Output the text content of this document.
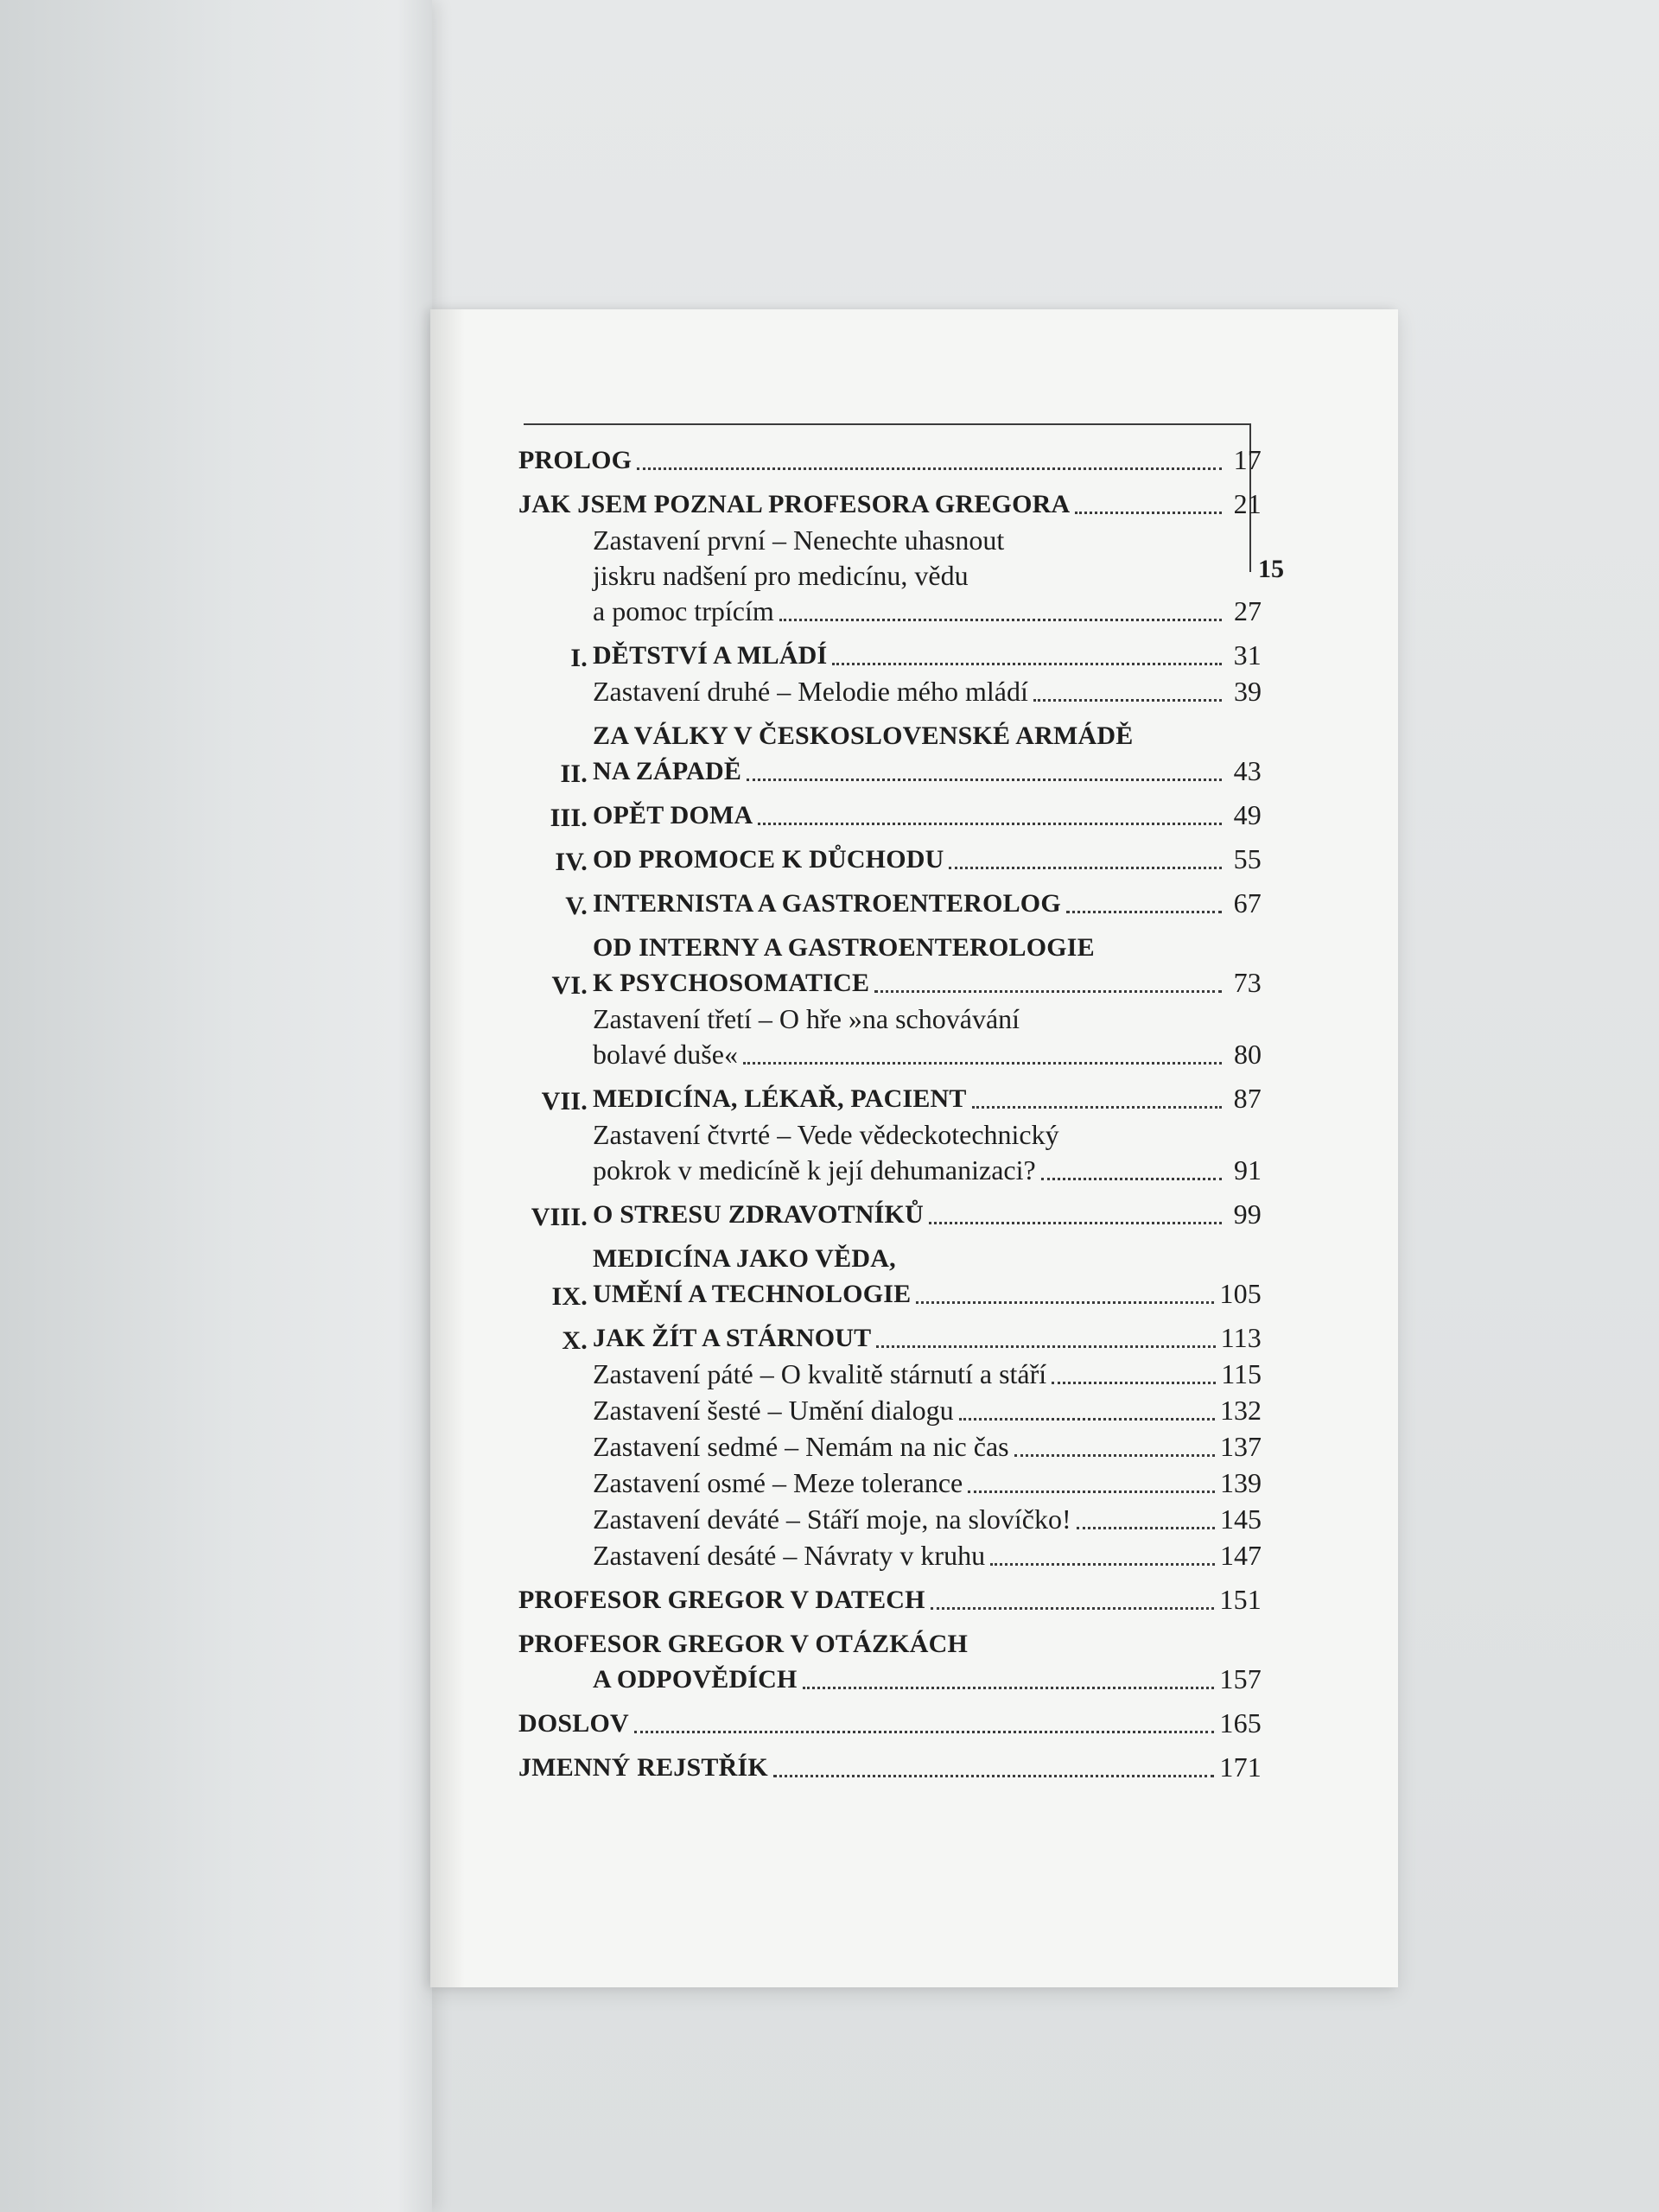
15
PROLOG	17
JAK JSEM POZNAL PROFESORA GREGORA	21
Zastavení první – Nenechte uhasnout
jiskru nadšení pro medicínu, vědu
a pomoc trpícím	27
I. DĚTSTVÍ A MLÁDÍ	31
Zastavení druhé – Melodie mého mládí	39
II.
ZA VÁLKY V ČESKOSLOVENSKÉ ARMÁDĚ
NA ZÁPADĚ	43
III. OPĚT DOMA	49
IV. OD PROMOCE K DŮCHODU	55
V. INTERNISTA A GASTROENTEROLOG	67
VI.
OD INTERNY A GASTROENTEROLOGIE
K PSYCHOSOMATICE	73
Zastavení třetí – O hře »na schovávání
bolavé duše«	80
VII. MEDICÍNA, LÉKAŘ, PACIENT	87
Zastavení čtvrté – Vede vědeckotechnický
pokrok v medicíně k její dehumanizaci?	91
VIII. O STRESU ZDRAVOTNÍKŮ	99
IX.
MEDICÍNA JAKO VĚDA,
UMĚNÍ A TECHNOLOGIE	105
X. JAK ŽÍT A STÁRNOUT	113
Zastavení páté – O kvalitě stárnutí a stáří	115
Zastavení šesté – Umění dialogu	132
Zastavení sedmé – Nemám na nic čas	137
Zastavení osmé – Meze tolerance	139
Zastavení deváté – Stáří moje, na slovíčko!	145
Zastavení desáté – Návraty v kruhu	147
PROFESOR GREGOR V DATECH	151
PROFESOR GREGOR V OTÁZKÁCH
A ODPOVĚDÍCH	157
DOSLOV	165
JMENNÝ REJSTŘÍK	171
